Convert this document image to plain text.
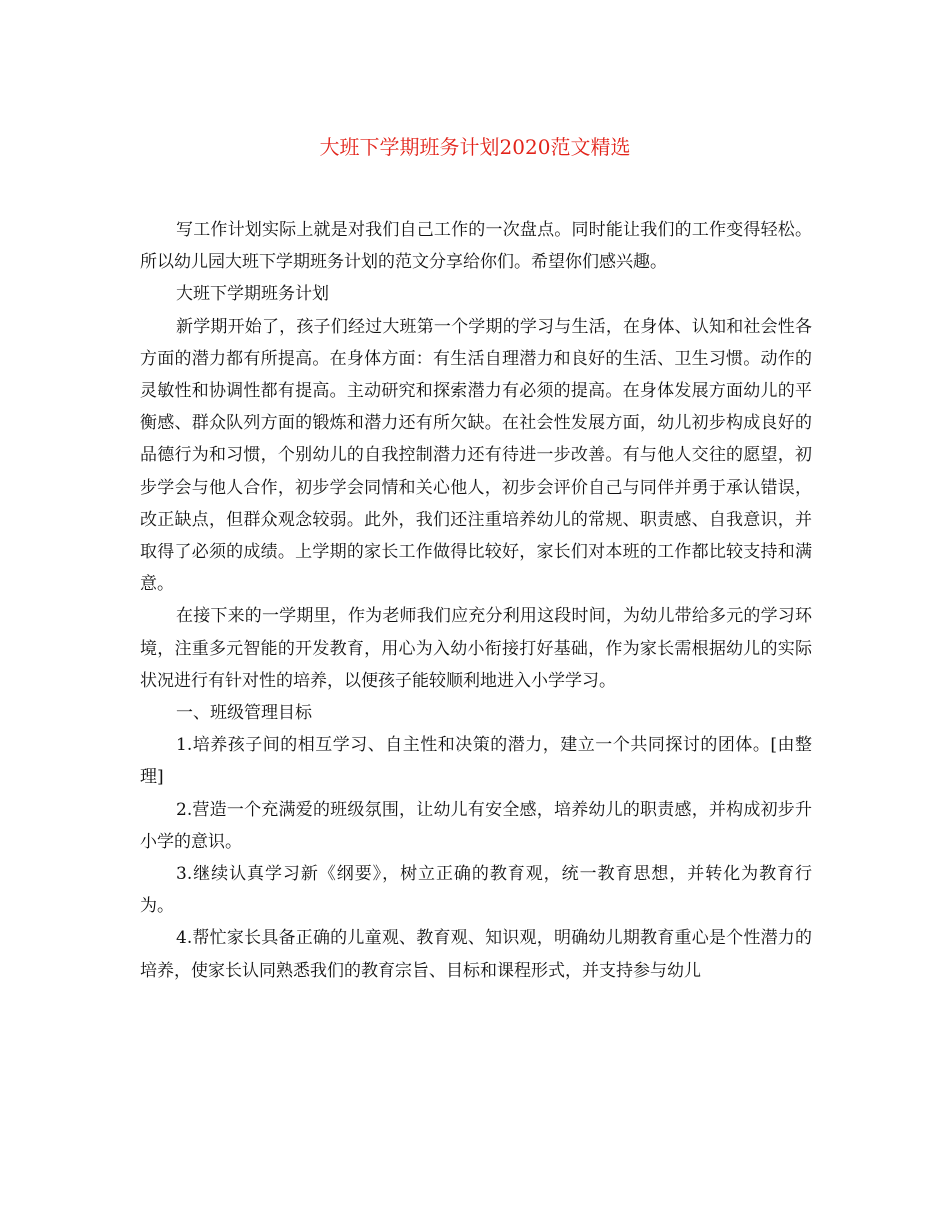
大班下学期班务计划2020范文精选

写工作计划实际上就是对我们自己工作的一次盘点。同时能让我们的工作变得轻松。所以幼儿园大班下学期班务计划的范文分享给你们。希望你们感兴趣。

大班下学期班务计划

新学期开始了，孩子们经过大班第一个学期的学习与生活，在身体、认知和社会性各方面的潜力都有所提高。在身体方面：有生活自理潜力和良好的生活、卫生习惯。动作的灵敏性和协调性都有提高。主动研究和探索潜力有必须的提高。在身体发展方面幼儿的平衡感、群众队列方面的锻炼和潜力还有所欠缺。在社会性发展方面，幼儿初步构成良好的品德行为和习惯，个别幼儿的自我控制潜力还有待进一步改善。有与他人交往的愿望，初步学会与他人合作，初步学会同情和关心他人，初步会评价自己与同伴并勇于承认错误，改正缺点，但群众观念较弱。此外，我们还注重培养幼儿的常规、职责感、自我意识，并取得了必须的成绩。上学期的家长工作做得比较好，家长们对本班的工作都比较支持和满意。

在接下来的一学期里，作为老师我们应充分利用这段时间，为幼儿带给多元的学习环境，注重多元智能的开发教育，用心为入幼小衔接打好基础，作为家长需根据幼儿的实际状况进行有针对性的培养，以便孩子能较顺利地进入小学学习。

一、班级管理目标

1.培养孩子间的相互学习、自主性和决策的潜力，建立一个共同探讨的团体。[由整理]

2.营造一个充满爱的班级氛围，让幼儿有安全感，培养幼儿的职责感，并构成初步升小学的意识。

3.继续认真学习新《纲要》，树立正确的教育观，统一教育思想，并转化为教育行为。

4.帮忙家长具备正确的儿童观、教育观、知识观，明确幼儿期教育重心是个性潜力的培养，使家长认同熟悉我们的教育宗旨、目标和课程形式，并支持参与幼儿
